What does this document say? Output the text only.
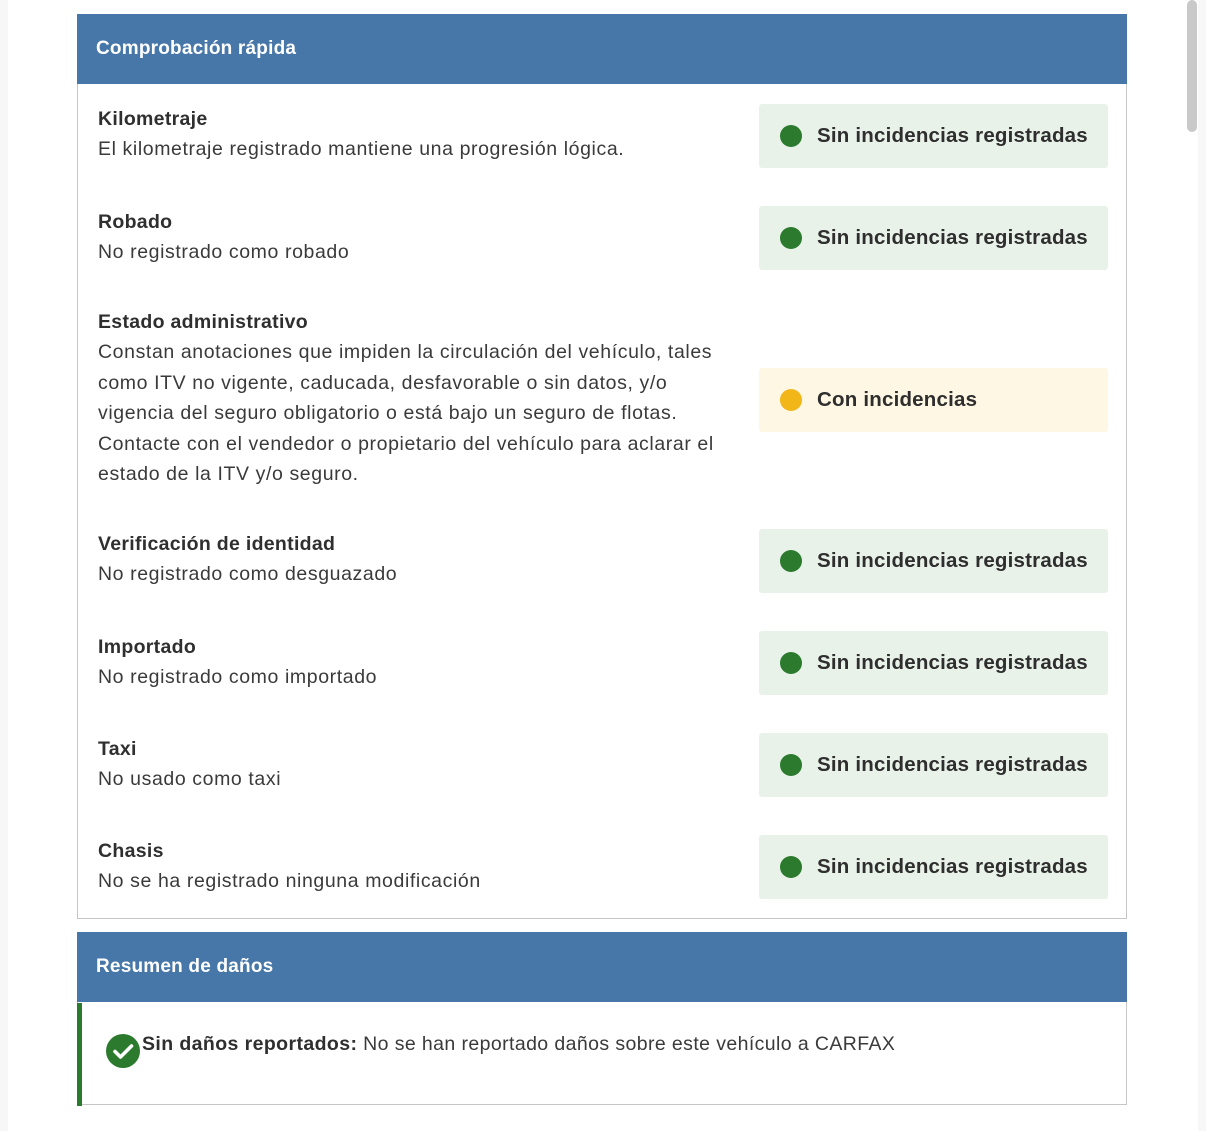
Comprobación rápida
Kilometraje
El kilometraje registrado mantiene una progresión lógica.
Sin incidencias registradas
Robado
No registrado como robado
Sin incidencias registradas
Estado administrativo
Constan anotaciones que impiden la circulación del vehículo, tales como ITV no vigente, caducada, desfavorable o sin datos, y/o vigencia del seguro obligatorio o está bajo un seguro de flotas. Contacte con el vendedor o propietario del vehículo para aclarar el estado de la ITV y/o seguro.
Con incidencias
Verificación de identidad
No registrado como desguazado
Sin incidencias registradas
Importado
No registrado como importado
Sin incidencias registradas
Taxi
No usado como taxi
Sin incidencias registradas
Chasis
No se ha registrado ninguna modificación
Sin incidencias registradas
Resumen de daños
Sin daños reportados: No se han reportado daños sobre este vehículo a CARFAX
